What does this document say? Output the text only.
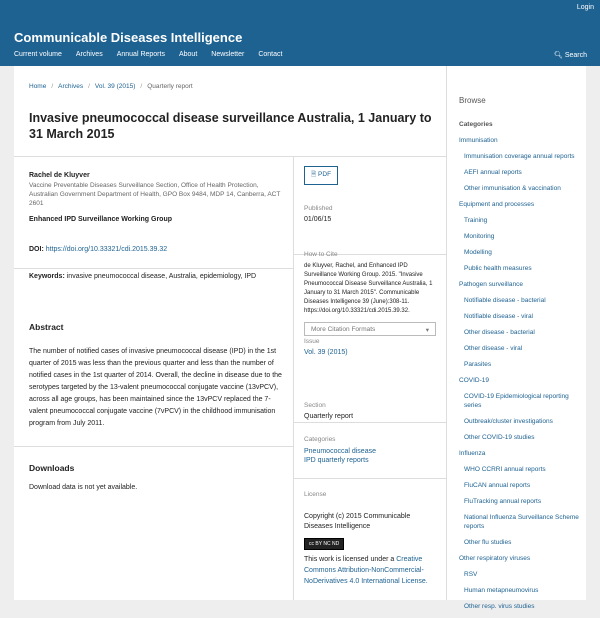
Login
Communicable Diseases Intelligence
Current volume Archives Annual Reports About Newsletter Contact	🔍︎ Search
Home / Archives / Vol. 39 (2015) / Quarterly report
Invasive pneumococcal disease surveillance Australia, 1 January to 31 March 2015
Rachel de Kluyver
Vaccine Preventable Diseases Surveillance Section, Office of Health Protection, Australian Government Department of Health, GPO Box 9484, MDP 14, Canberra, ACT 2601
Enhanced IPD Surveillance Working Group
DOI: https://doi.org/10.33321/cdi.2015.39.32
Keywords: invasive pneumococcal disease, Australia, epidemiology, IPD
Abstract
The number of notified cases of invasive pneumococcal disease (IPD) in the 1st quarter of 2015 was less than the previous quarter and less than the number of notified cases in the 1st quarter of 2014. Overall, the decline in disease due to the serotypes targeted by the 13-valent pneumococcal conjugate vaccine (13vPCV), across all age groups, has been maintained since the 13vPCV replaced the 7-valent pneumococcal conjugate vaccine (7vPCV) in the childhood immunisation program from July 2011.
Downloads
Download data is not yet available.
🗎︎ PDF
Published
01/06/15
How to Cite
de Kluyver, Rachel, and Enhanced IPD Surveillance Working Group. 2015. "Invasive Pneumococcal Disease Surveillance Australia, 1 January to 31 March 2015". Communicable Diseases Intelligence 39 (June):308-11. https://doi.org/10.33321/cdi.2015.39.32.
More Citation Formats	▾
Issue
Vol. 39 (2015)
Section
Quarterly report
Categories
Pneumococcal disease
IPD quarterly reports
License
Copyright (c) 2015 Communicable Diseases Intelligence
cc BY NC ND
This work is licensed under a Creative Commons Attribution-NonCommercial-NoDerivatives 4.0 International License.
Browse
Categories
Immunisation
Immunisation coverage annual reports
AEFI annual reports
Other immunisation & vaccination
Equipment and processes
Training
Monitoring
Modelling
Public health measures
Pathogen surveillance
Notifiable disease - bacterial
Notifiable disease - viral
Other disease - bacterial
Other disease - viral
Parasites
COVID-19
COVID-19 Epidemiological reporting series
Outbreak/cluster investigations
Other COVID-19 studies
Influenza
WHO CCRRI annual reports
FluCAN annual reports
FluTracking annual reports
National Influenza Surveillance Scheme reports
Other flu studies
Other respiratory viruses
RSV
Human metapneumovirus
Other resp. virus studies
